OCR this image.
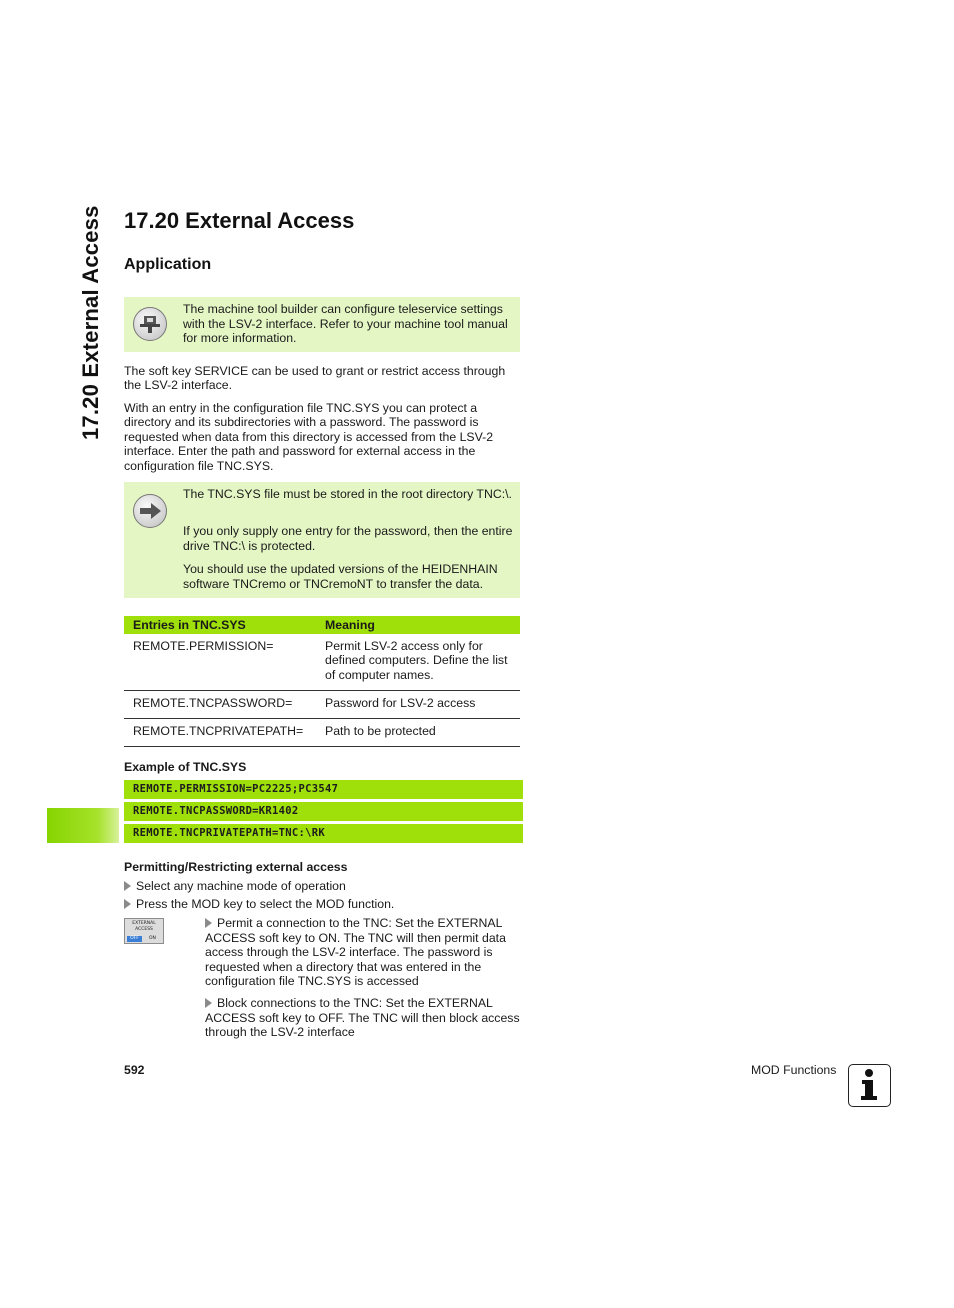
17.20 External Access 17.20 External Access
Application

The machine tool builder can configure teleservice settings with the LSV-2 interface. Refer to your machine tool manual for more information.

The soft key SERVICE can be used to grant or restrict access through the LSV-2 interface.

With an entry in the configuration file TNC.SYS you can protect a directory and its subdirectories with a password. The password is requested when data from this directory is accessed from the LSV-2 interface. Enter the path and password for external access in the configuration file TNC.SYS.

The TNC.SYS file must be stored in the root directory TNC:\.

If you only supply one entry for the password, then the entire drive TNC:\ is protected.

You should use the updated versions of the HEIDENHAIN software TNCremo or TNCremoNT to transfer the data.

Entries in TNC.SYS	Meaning
REMOTE.PERMISSION=	Permit LSV-2 access only for defined computers. Define the list of computer names.
REMOTE.TNCPASSWORD=	Password for LSV-2 access
REMOTE.TNCPRIVATEPATH=	Path to be protected

Example of TNC.SYS

REMOTE.PERMISSION=PC2225;PC3547
REMOTE.TNCPASSWORD=KR1402
REMOTE.TNCPRIVATEPATH=TNC:\RK

Permitting/Restricting external access

Select any machine mode of operation
Press the MOD key to select the MOD function.
EXTERNAL
ACCESS
OFF	ON
Permit a connection to the TNC: Set the EXTERNAL ACCESS soft key to ON. The TNC will then permit data access through the LSV-2 interface. The password is requested when a directory that was entered in the configuration file TNC.SYS is accessed
Block connections to the TNC: Set the EXTERNAL ACCESS soft key to OFF. The TNC will then block access through the LSV-2 interface
592	MOD Functions
